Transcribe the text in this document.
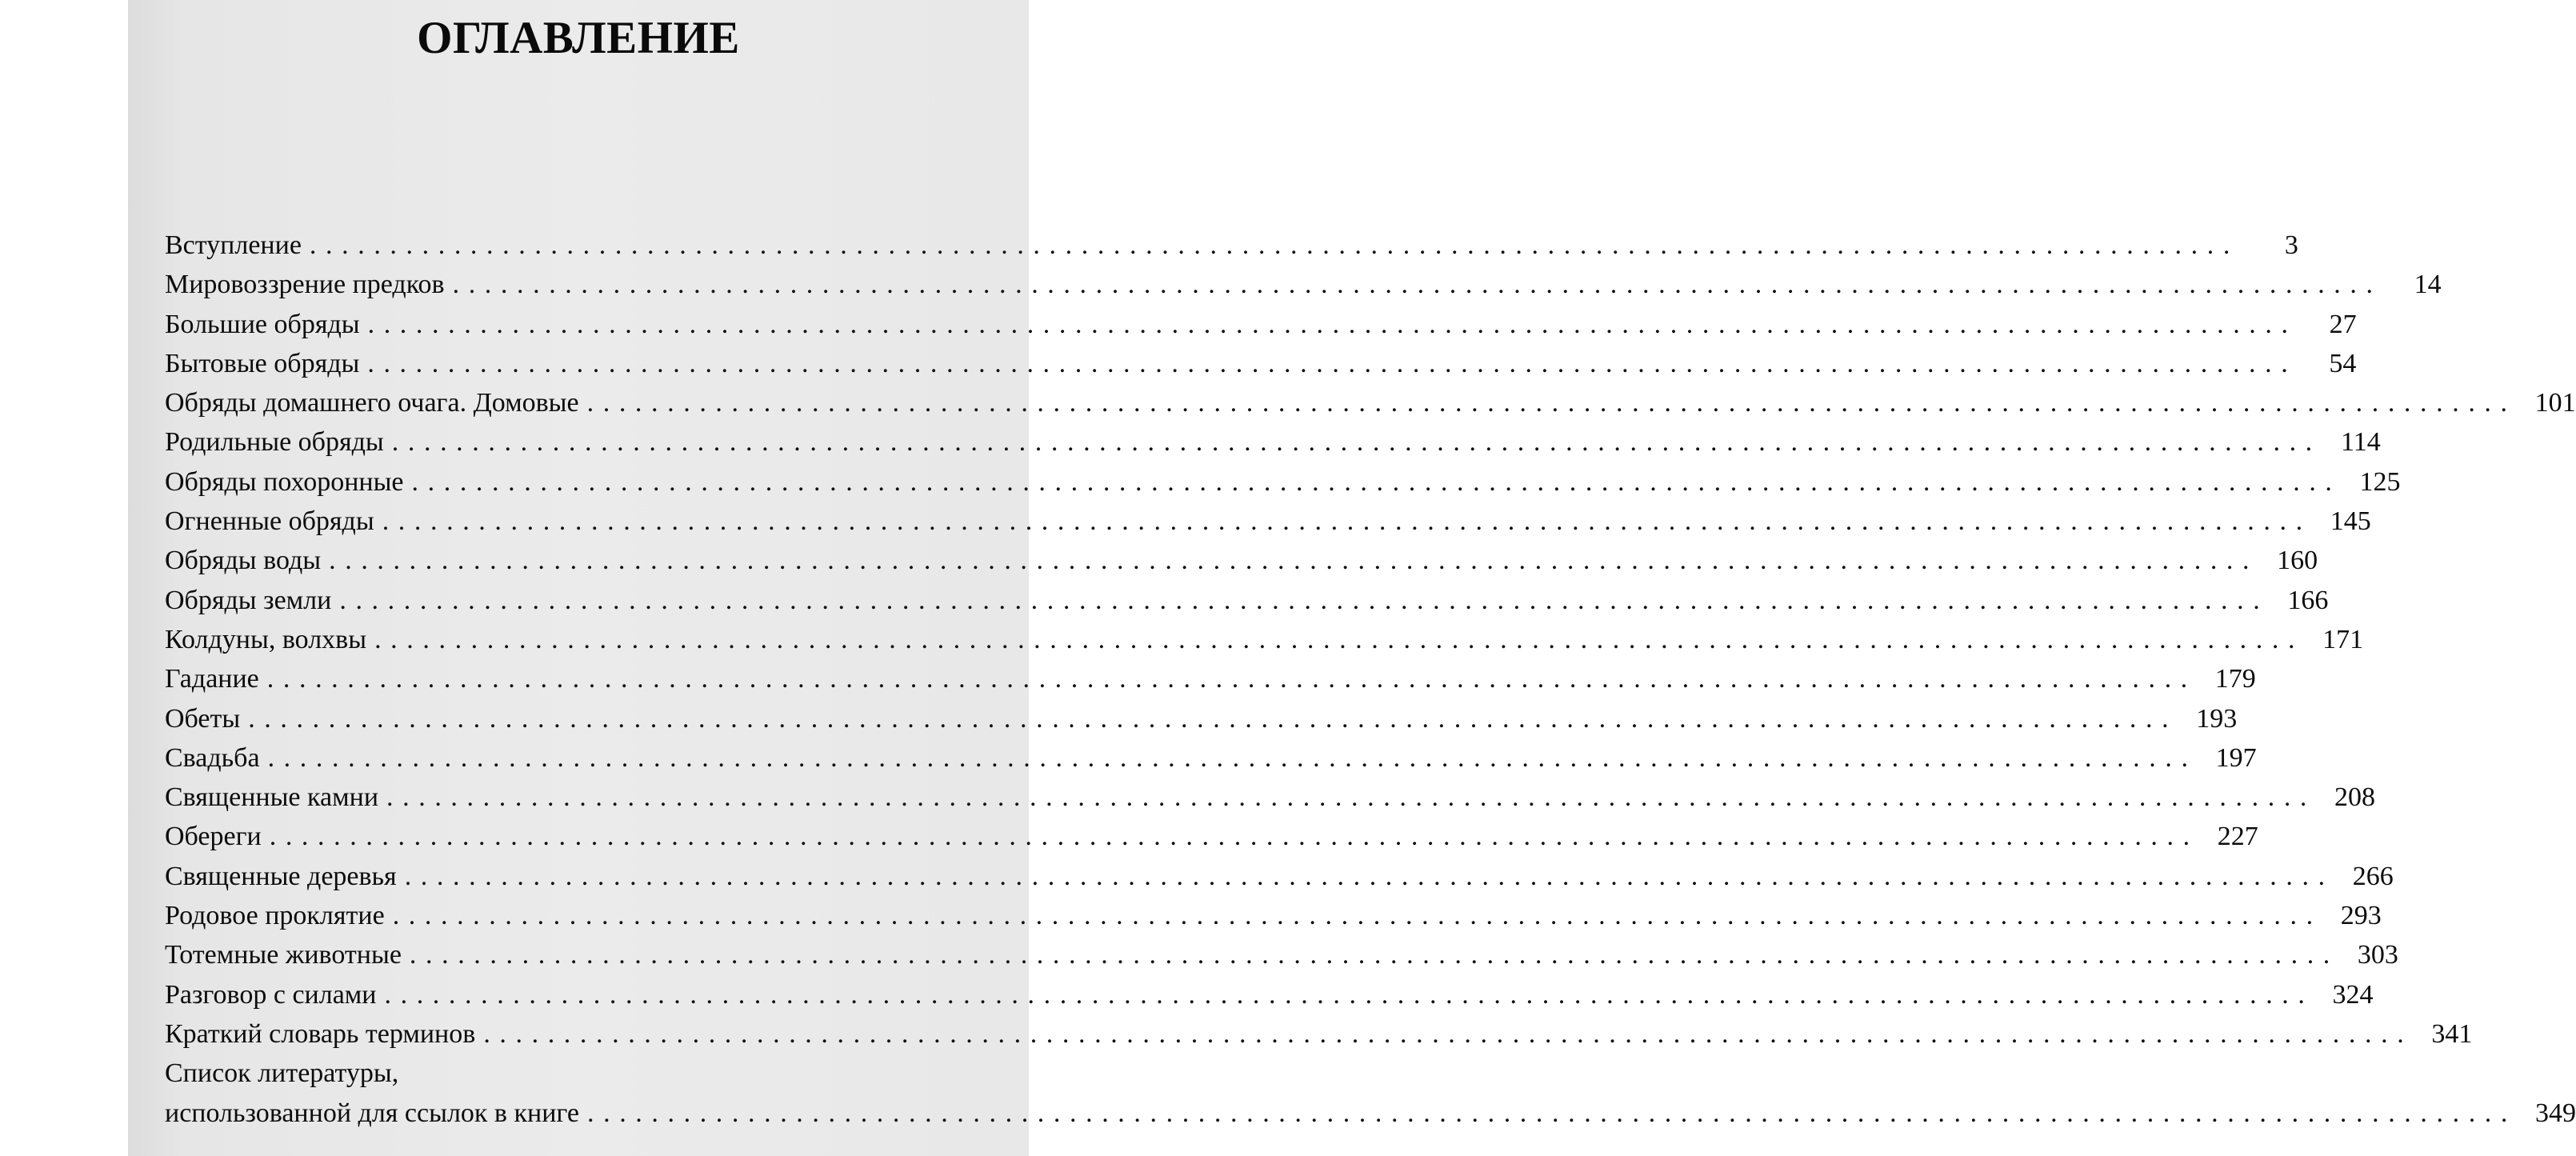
ОГЛАВЛЕНИЕ
Вступление ........................................................................................................................	3
Мировоззрение предков ........................................................................................................................	14
Большие обряды ........................................................................................................................	27
Бытовые обряды ........................................................................................................................	54
Обряды домашнего очага. Домовые ........................................................................................................................ 101
Родильные обряды ........................................................................................................................ 114
Обряды похоронные ........................................................................................................................ 125
Огненные обряды ........................................................................................................................ 145
Обряды воды ........................................................................................................................ 160
Обряды земли ........................................................................................................................ 166
Колдуны, волхвы ........................................................................................................................ 171
Гадание ........................................................................................................................ 179
Обеты ........................................................................................................................ 193
Свадьба ........................................................................................................................ 197
Священные камни ........................................................................................................................ 208
Обереги ........................................................................................................................ 227
Священные деревья ........................................................................................................................ 266
Родовое проклятие ........................................................................................................................ 293
Тотемные животные ........................................................................................................................ 303
Разговор с силами ........................................................................................................................ 324
Краткий словарь терминов ........................................................................................................................ 341
Список литературы,
использованной для ссылок в книге ........................................................................................................................ 349
